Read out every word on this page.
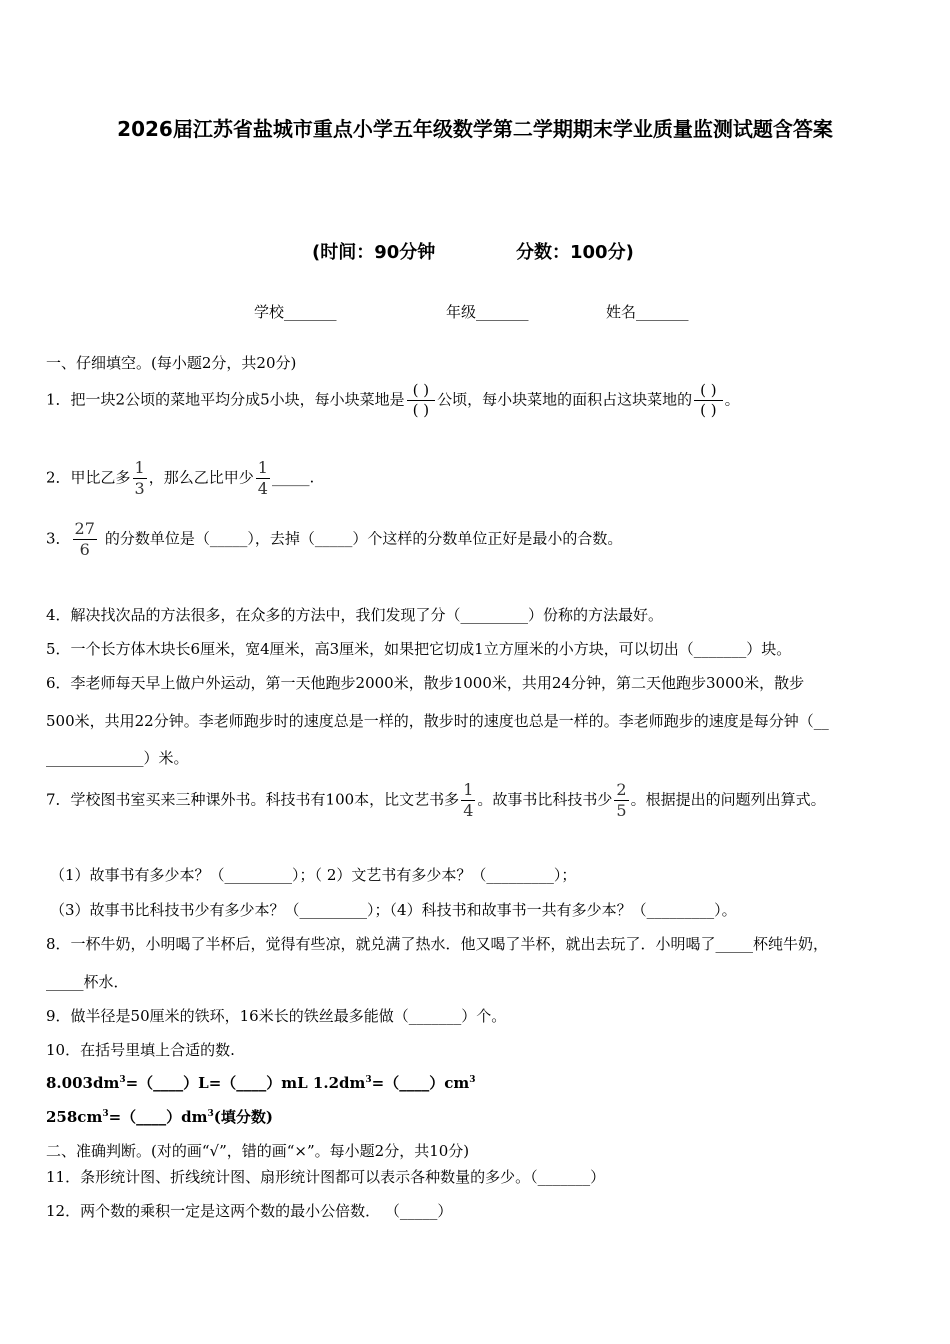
2026届江苏省盐城市重点小学五年级数学第二学期期末学业质量监测试题含答案
(时间：90分钟	分数：100分)
学校_______	年级_______	姓名_______
一、仔细填空。(每小题2分，共20分)
1．把一块2公顷的菜地平均分成5小块，每小块菜地是 $\frac{( )}{( )}$ 公顷，每小块菜地的面积占这块菜地的 $\frac{( )}{( )}$ 。
2．甲比乙多 $\frac{1}{3}$ ，那么乙比甲少 $\frac{1}{4}$ _____.
3． $\frac{27}{6}$ 的分数单位是（_____），去掉（_____）个这样的分数单位正好是最小的合数。
4．解决找次品的方法很多，在众多的方法中，我们发现了分（_________）份称的方法最好。
5．一个长方体木块长6厘米，宽4厘米，高3厘米，如果把它切成1立方厘米的小方块，可以切出（_______）块。
6．李老师每天早上做户外运动，第一天他跑步2000米，散步1000米，共用24分钟，第二天他跑步3000米，散步
500米，共用22分钟。李老师跑步时的速度总是一样的，散步时的速度也总是一样的。李老师跑步的速度是每分钟（__
_____________）米。
7．学校图书室买来三种课外书。科技书有100本，比文艺书多 $\frac{1}{4}$ 。故事书比科技书少 $\frac{2}{5}$ 。根据提出的问题列出算式。
（1）故事书有多少本？（_________）；（ 2）文艺书有多少本？（_________）；
（3）故事书比科技书少有多少本？（_________）；（4）科技书和故事书一共有多少本？（_________）。
8．一杯牛奶，小明喝了半杯后，觉得有些凉，就兑满了热水．他又喝了半杯，就出去玩了．小明喝了_____杯纯牛奶，
_____杯水．
9．做半径是50厘米的铁环，16米长的铁丝最多能做（_______）个。
10．在括号里填上合适的数.
$8.003dm^3=(\_\_\_\_)L=(\_\_\_\_)mL$ $1.2dm^3=(\_\_\_\_)cm^3$
$258cm^3=(\_\_\_\_)dm^3$(填分数)
二、准确判断。(对的画“√”，错的画“×”。每小题2分，共10分)
11．条形统计图、折线统计图、扇形统计图都可以表示各种数量的多少。（_______）
12．两个数的乘积一定是这两个数的最小公倍数． （_____）
